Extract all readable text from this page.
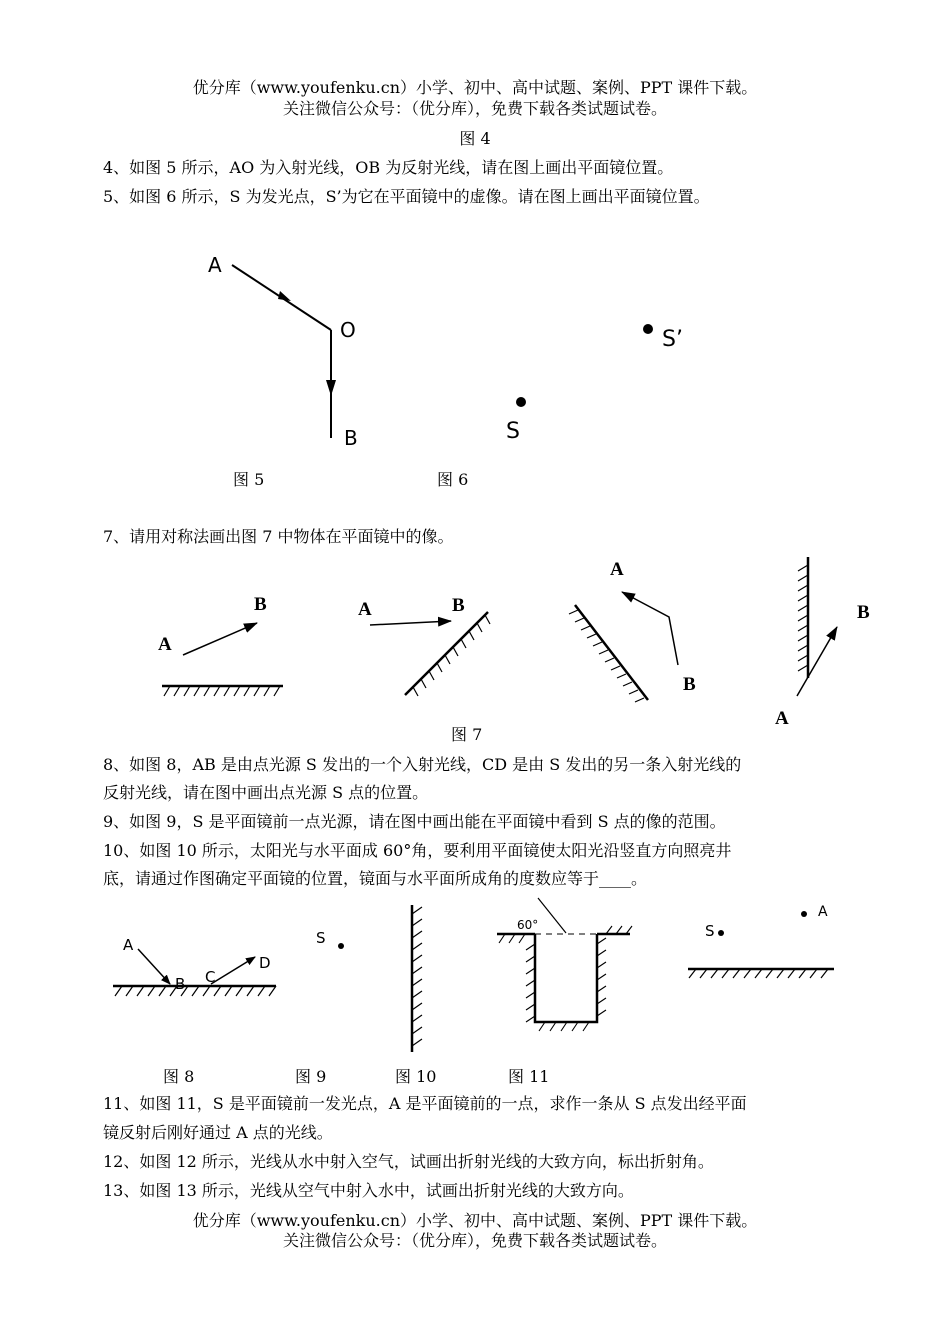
优分库（www.youfenku.cn）小学、初中、高中试题、案例、PPT 课件下载。
关注微信公众号：（优分库），免费下载各类试题试卷。
图 4
4、如图 5 所示，AO 为入射光线，OB 为反射光线，请在图上画出平面镜位置。
5、如图 6 所示，S 为发光点，S’为它在平面镜中的虚像。请在图上画出平面镜位置。
A
O
B
S’
S
图 5	图 6
7、请用对称法画出图 7 中物体在平面镜中的像。
A
B	A	B
A
B
A
B
图 7
8、如图 8，AB 是由点光源 S 发出的一个入射光线，CD 是由 S 发出的另一条入射光线的
反射光线，请在图中画出点光源 S 点的位置。
9、如图 9，S 是平面镜前一点光源，请在图中画出能在平面镜中看到 S 点的像的范围。
10、如图 10 所示，太阳光与水平面成 60°角，要利用平面镜使太阳光沿竖直方向照亮井
底，请通过作图确定平面镜的位置，镜面与水平面所成角的度数应等于____。
A
B C
D
S
60°	S
A
图 8	图 9	图 10	图 11
11、如图 11，S 是平面镜前一发光点，A 是平面镜前的一点，求作一条从 S 点发出经平面
镜反射后刚好通过 A 点的光线。
12、如图 12 所示，光线从水中射入空气，试画出折射光线的大致方向，标出折射角。
13、如图 13 所示，光线从空气中射入水中，试画出折射光线的大致方向。
优分库（www.youfenku.cn）小学、初中、高中试题、案例、PPT 课件下载。
关注微信公众号：（优分库），免费下载各类试题试卷。
